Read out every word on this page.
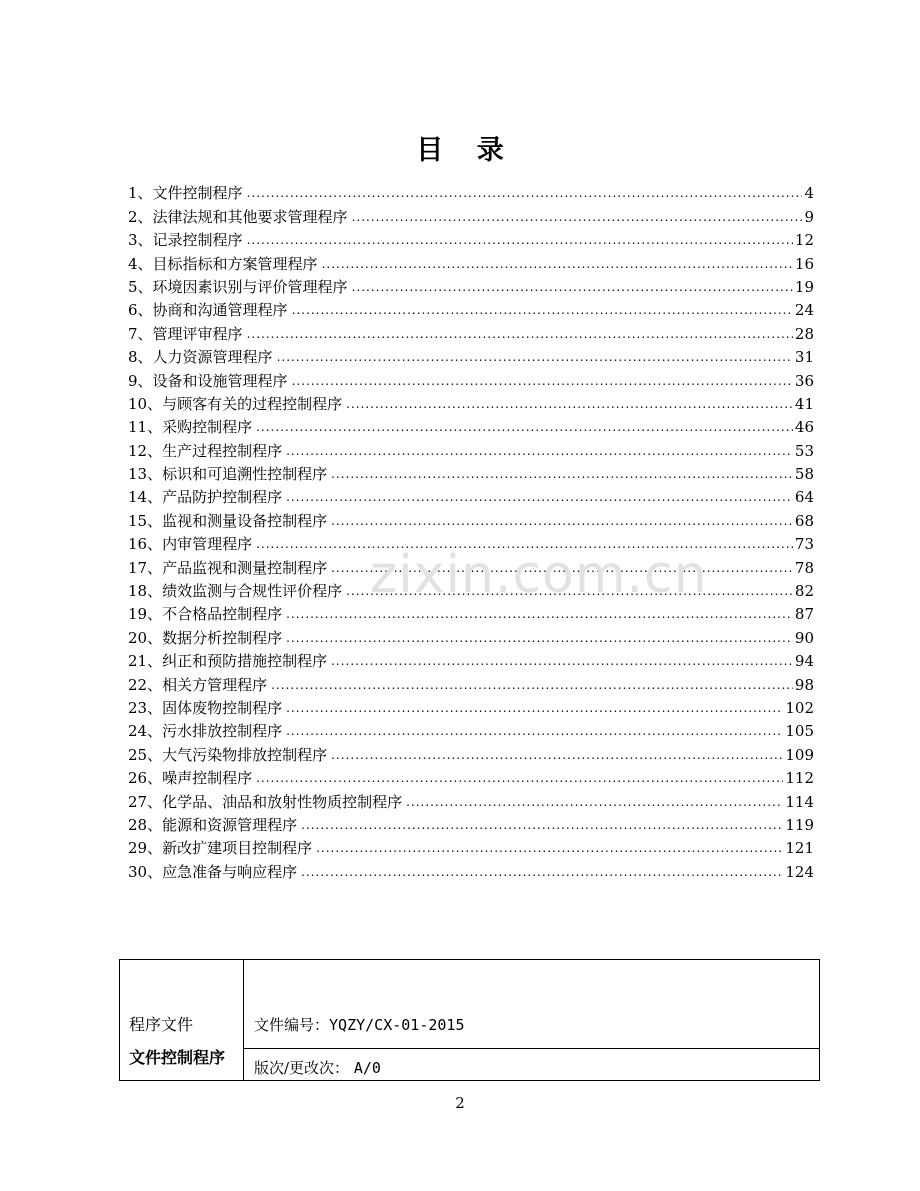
目 录
1、 文件控制程序 .....	4
2、 法律法规和其他要求管理程序 .....	9
3、 记录控制程序 .....	12
4、 目标指标和方案管理程序 .....	16
5、 环境因素识别与评价管理程序 .....	19
6、 协商和沟通管理程序 .....	24
7、 管理评审程序 .....	28
8、 人力资源管理程序 .....	31
9、 设备和设施管理程序 .....	36
10、 与顾客有关的过程控制程序 .....	41
11、 采购控制程序 .....	46
12、 生产过程控制程序 .....	53
13、 标识和可追溯性控制程序 .....	58
14、 产品防护控制程序 .....	64
15、 监视和测量设备控制程序 .....	68
16、 内审管理程序 .....	73
17、 产品监视和测量控制程序 .....	78
18、 绩效监测与合规性评价程序 .....	82
19、 不合格品控制程序 .....	87
20、 数据分析控制程序 .....	90
21、 纠正和预防措施控制程序 .....	94
22、 相关方管理程序 .....	98
23、 固体废物控制程序 .....	102
24、 污水排放控制程序 .....	105
25、 大气污染物排放控制程序 .....	109
26、 噪声控制程序 .....	112
27、 化学品、油品和放射性物质控制程序 .....	114
28、 能源和资源管理程序 .....	119
29、 新改扩建项目控制程序 .....	121
30、 应急准备与响应程序 .....	124
zixin.com.cn
程序文件
文件控制程序
文件编号：YQZY/CX-01-2015
版次/更改次： A/0
2
